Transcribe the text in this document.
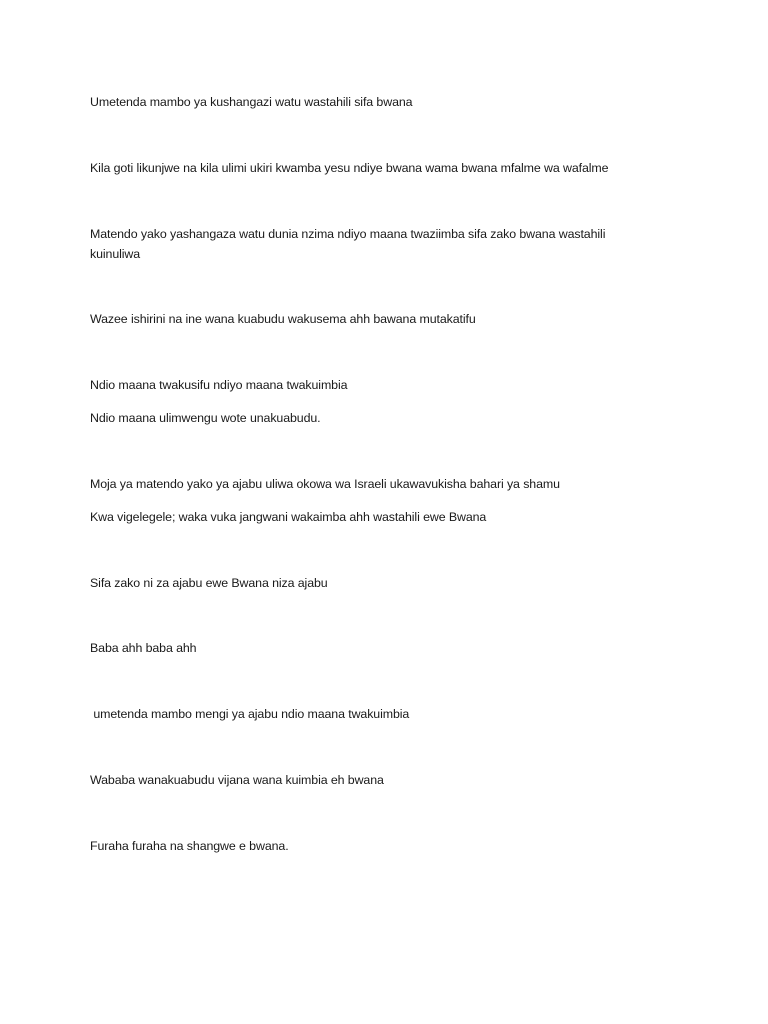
Umetenda mambo ya kushangazi watu wastahili sifa bwana

Kila goti likunjwe na kila ulimi ukiri kwamba yesu ndiye bwana wama bwana mfalme wa wafalme

Matendo yako yashangaza watu dunia nzima ndiyo maana twaziimba sifa zako bwana wastahili kuinuliwa

Wazee ishirini na ine wana kuabudu wakusema ahh bawana mutakatifu

Ndio maana twakusifu ndiyo maana twakuimbia

Ndio maana ulimwengu wote unakuabudu.

Moja ya matendo yako ya ajabu uliwa okowa wa Israeli ukawavukisha bahari ya shamu

Kwa vigelegele; waka vuka jangwani wakaimba ahh wastahili ewe Bwana

Sifa zako ni za ajabu ewe Bwana niza ajabu

Baba ahh baba ahh

umetenda mambo mengi ya ajabu ndio maana twakuimbia

Wababa wanakuabudu vijana wana kuimbia eh bwana

Furaha furaha na shangwe e bwana.
